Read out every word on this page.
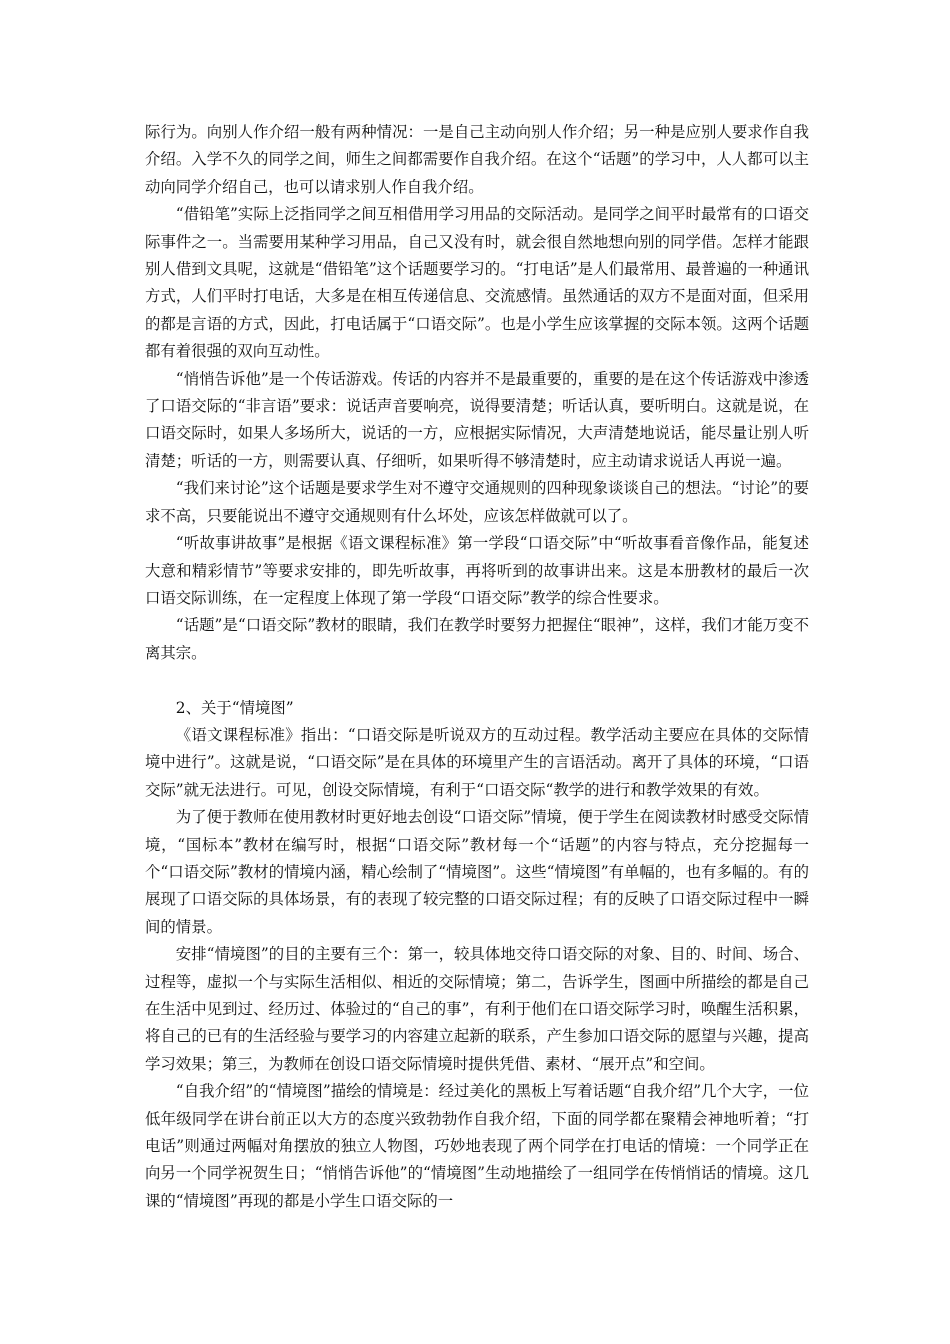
际行为。向别人作介绍一般有两种情况：一是自己主动向别人作介绍；另一种是应别人要求作自我介绍。入学不久的同学之间，师生之间都需要作自我介绍。在这个“话题”的学习中，人人都可以主动向同学介绍自己，也可以请求别人作自我介绍。

“借铅笔”实际上泛指同学之间互相借用学习用品的交际活动。是同学之间平时最常有的口语交际事件之一。当需要用某种学习用品，自己又没有时，就会很自然地想向别的同学借。怎样才能跟别人借到文具呢，这就是“借铅笔”这个话题要学习的。“打电话”是人们最常用、最普遍的一种通讯方式，人们平时打电话，大多是在相互传递信息、交流感情。虽然通话的双方不是面对面，但采用的都是言语的方式，因此，打电话属于“口语交际”。也是小学生应该掌握的交际本领。这两个话题都有着很强的双向互动性。

“悄悄告诉他”是一个传话游戏。传话的内容并不是最重要的，重要的是在这个传话游戏中渗透了口语交际的“非言语”要求：说话声音要响亮，说得要清楚；听话认真，要听明白。这就是说，在口语交际时，如果人多场所大，说话的一方，应根据实际情况，大声清楚地说话，能尽量让别人听清楚；听话的一方，则需要认真、仔细听，如果听得不够清楚时，应主动请求说话人再说一遍。

“我们来讨论”这个话题是要求学生对不遵守交通规则的四种现象谈谈自己的想法。“讨论”的要求不高，只要能说出不遵守交通规则有什么坏处，应该怎样做就可以了。

“听故事讲故事”是根据《语文课程标准》第一学段“口语交际”中“听故事看音像作品，能复述大意和精彩情节”等要求安排的，即先听故事，再将听到的故事讲出来。这是本册教材的最后一次口语交际训练，在一定程度上体现了第一学段“口语交际”教学的综合性要求。

“话题”是“口语交际”教材的眼睛，我们在教学时要努力把握住“眼神”，这样，我们才能万变不离其宗。

2、关于“情境图”

《语文课程标准》指出：“口语交际是听说双方的互动过程。教学活动主要应在具体的交际情境中进行”。这就是说，“口语交际”是在具体的环境里产生的言语活动。离开了具体的环境，“口语交际”就无法进行。可见，创设交际情境，有利于“口语交际“教学的进行和教学效果的有效。

为了便于教师在使用教材时更好地去创设“口语交际”情境，便于学生在阅读教材时感受交际情境，“国标本”教材在编写时，根据“口语交际”教材每一个“话题”的内容与特点，充分挖掘每一个“口语交际”教材的情境内涵，精心绘制了“情境图”。这些“情境图”有单幅的，也有多幅的。有的展现了口语交际的具体场景，有的表现了较完整的口语交际过程；有的反映了口语交际过程中一瞬间的情景。

安排“情境图”的目的主要有三个：第一，较具体地交待口语交际的对象、目的、时间、场合、过程等，虚拟一个与实际生活相似、相近的交际情境；第二，告诉学生，图画中所描绘的都是自己在生活中见到过、经历过、体验过的“自己的事”，有利于他们在口语交际学习时，唤醒生活积累，将自己的已有的生活经验与要学习的内容建立起新的联系，产生参加口语交际的愿望与兴趣，提高学习效果；第三，为教师在创设口语交际情境时提供凭借、素材、“展开点”和空间。

“自我介绍”的“情境图”描绘的情境是：经过美化的黑板上写着话题“自我介绍”几个大字，一位低年级同学在讲台前正以大方的态度兴致勃勃作自我介绍，下面的同学都在聚精会神地听着；“打电话”则通过两幅对角摆放的独立人物图，巧妙地表现了两个同学在打电话的情境：一个同学正在向另一个同学祝贺生日；“悄悄告诉他”的“情境图”生动地描绘了一组同学在传悄悄话的情境。这几课的“情境图”再现的都是小学生口语交际的一
